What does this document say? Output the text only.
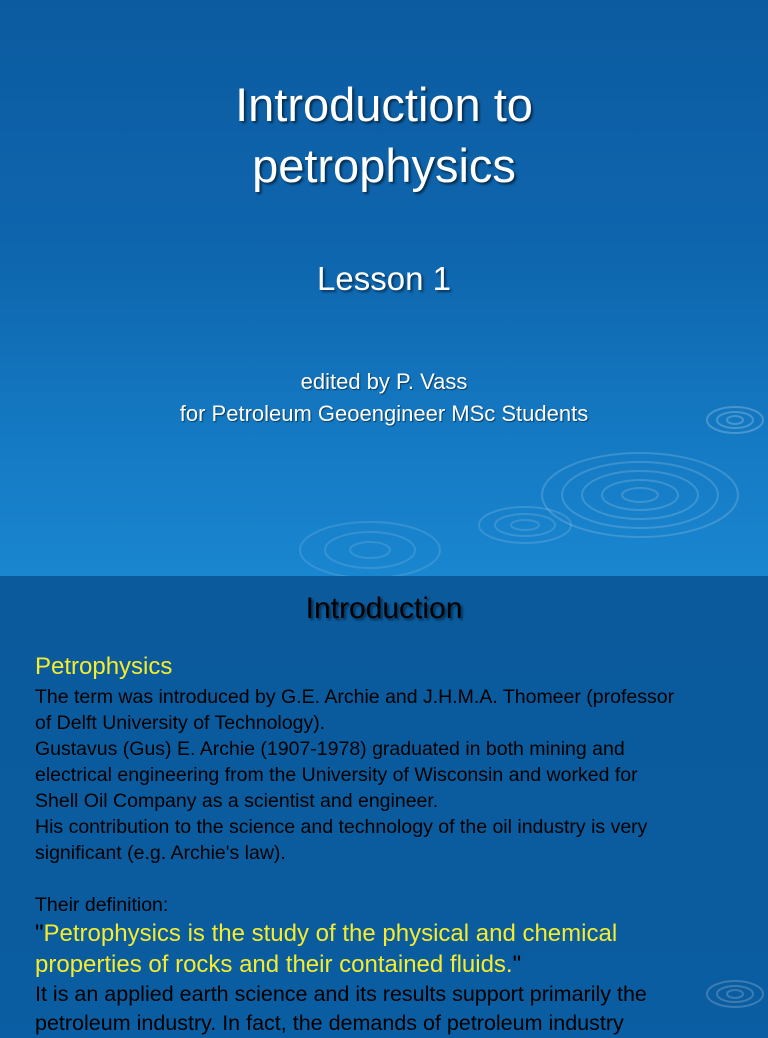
Introduction to
petrophysics
Lesson 1
edited by P. Vass
for Petroleum Geoengineer MSc Students
Introduction
Petrophysics
The term was introduced by G.E. Archie and J.H.M.A. Thomeer (professor
of Delft University of Technology).
Gustavus (Gus) E. Archie (1907-1978) graduated in both mining and
electrical engineering from the University of Wisconsin and worked for
Shell Oil Company as a scientist and engineer.
His contribution to the science and technology of the oil industry is very
significant (e.g. Archie's law).
Their definition:
"Petrophysics is the study of the physical and chemical
properties of rocks and their contained fluids."
It is an applied earth science and its results support primarily the
petroleum industry. In fact, the demands of petroleum industry
